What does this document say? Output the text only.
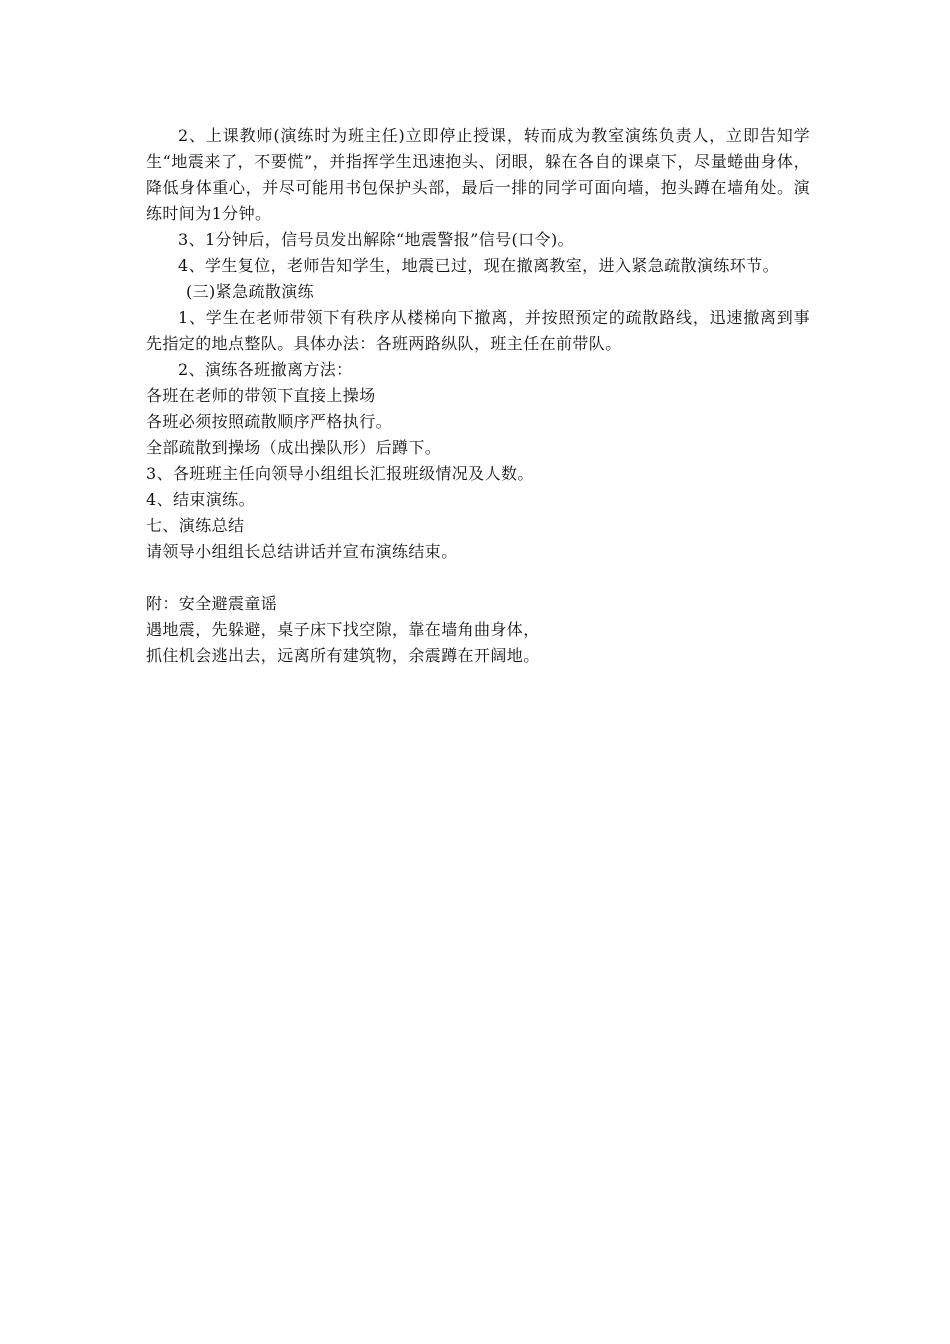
2、上课教师(演练时为班主任)立即停止授课，转而成为教室演练负责人，立即告知学生“地震来了，不要慌”，并指挥学生迅速抱头、闭眼，躲在各自的课桌下，尽量蜷曲身体，降低身体重心，并尽可能用书包保护头部，最后一排的同学可面向墙，抱头蹲在墙角处。演练时间为1分钟。

3、1分钟后，信号员发出解除“地震警报”信号(口令)。

4、学生复位，老师告知学生，地震已过，现在撤离教室，进入紧急疏散演练环节。

(三)紧急疏散演练

1、学生在老师带领下有秩序从楼梯向下撤离，并按照预定的疏散路线，迅速撤离到事先指定的地点整队。具体办法：各班两路纵队，班主任在前带队。

2、演练各班撤离方法：

各班在老师的带领下直接上操场

各班必须按照疏散顺序严格执行。

全部疏散到操场（成出操队形）后蹲下。

3、各班班主任向领导小组组长汇报班级情况及人数。

4、结束演练。

七、演练总结

请领导小组组长总结讲话并宣布演练结束。

附：安全避震童谣

遇地震，先躲避，桌子床下找空隙，靠在墙角曲身体，

抓住机会逃出去，远离所有建筑物，余震蹲在开阔地。
